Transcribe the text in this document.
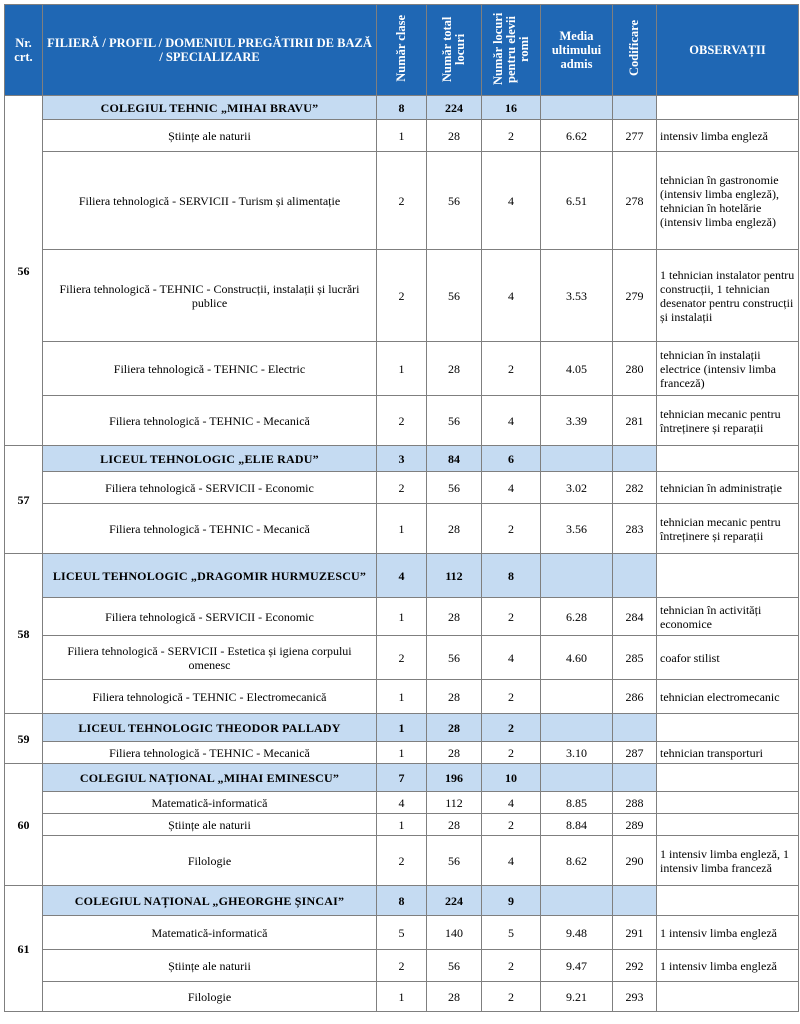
Nr. crt.	FILIERĂ / PROFIL / DOMENIUL PREGĂTIRII DE BAZĂ / SPECIALIZARE	Număr clase	Număr total locuri	Număr locuri pentru elevii romi	Media ultimului admis	Codificare	OBSERVAȚII
56	COLEGIUL TEHNIC „MIHAI BRAVU”	8	224	16			
	Științe ale naturii	1	28	2	6.62	277	intensiv limba engleză
	Filiera tehnologică - SERVICII - Turism și alimentație	2	56	4	6.51	278	tehnician în gastronomie (intensiv limba engleză), tehnician în hotelărie (intensiv limba engleză)
	Filiera tehnologică - TEHNIC - Construcții, instalații și lucrări publice	2	56	4	3.53	279	1 tehnician instalator pentru construcții, 1 tehnician desenator pentru construcții și instalații
	Filiera tehnologică - TEHNIC - Electric	1	28	2	4.05	280	tehnician în instalații electrice (intensiv limba franceză)
	Filiera tehnologică - TEHNIC - Mecanică	2	56	4	3.39	281	tehnician mecanic pentru întreținere și reparații
57	LICEUL TEHNOLOGIC „ELIE RADU”	3	84	6			
	Filiera tehnologică - SERVICII - Economic	2	56	4	3.02	282	tehnician în administrație
	Filiera tehnologică - TEHNIC - Mecanică	1	28	2	3.56	283	tehnician mecanic pentru întreținere și reparații
58	LICEUL TEHNOLOGIC „DRAGOMIR HURMUZESCU”	4	112	8			
	Filiera tehnologică - SERVICII - Economic	1	28	2	6.28	284	tehnician în activități economice
	Filiera tehnologică - SERVICII - Estetica și igiena corpului omenesc	2	56	4	4.60	285	coafor stilist
	Filiera tehnologică - TEHNIC - Electromecanică	1	28	2		286	tehnician electromecanic
59	LICEUL TEHNOLOGIC THEODOR PALLADY	1	28	2			
	Filiera tehnologică - TEHNIC - Mecanică	1	28	2	3.10	287	tehnician transporturi
60	COLEGIUL NAȚIONAL „MIHAI EMINESCU”	7	196	10			
	Matematică-informatică	4	112	4	8.85	288	
	Științe ale naturii	1	28	2	8.84	289	
	Filologie	2	56	4	8.62	290	1 intensiv limba engleză, 1 intensiv limba franceză
61	COLEGIUL NAȚIONAL „GHEORGHE ȘINCAI”	8	224	9			
	Matematică-informatică	5	140	5	9.48	291	1 intensiv limba engleză
	Științe ale naturii	2	56	2	9.47	292	1 intensiv limba engleză
	Filologie	1	28	2	9.21	293	
